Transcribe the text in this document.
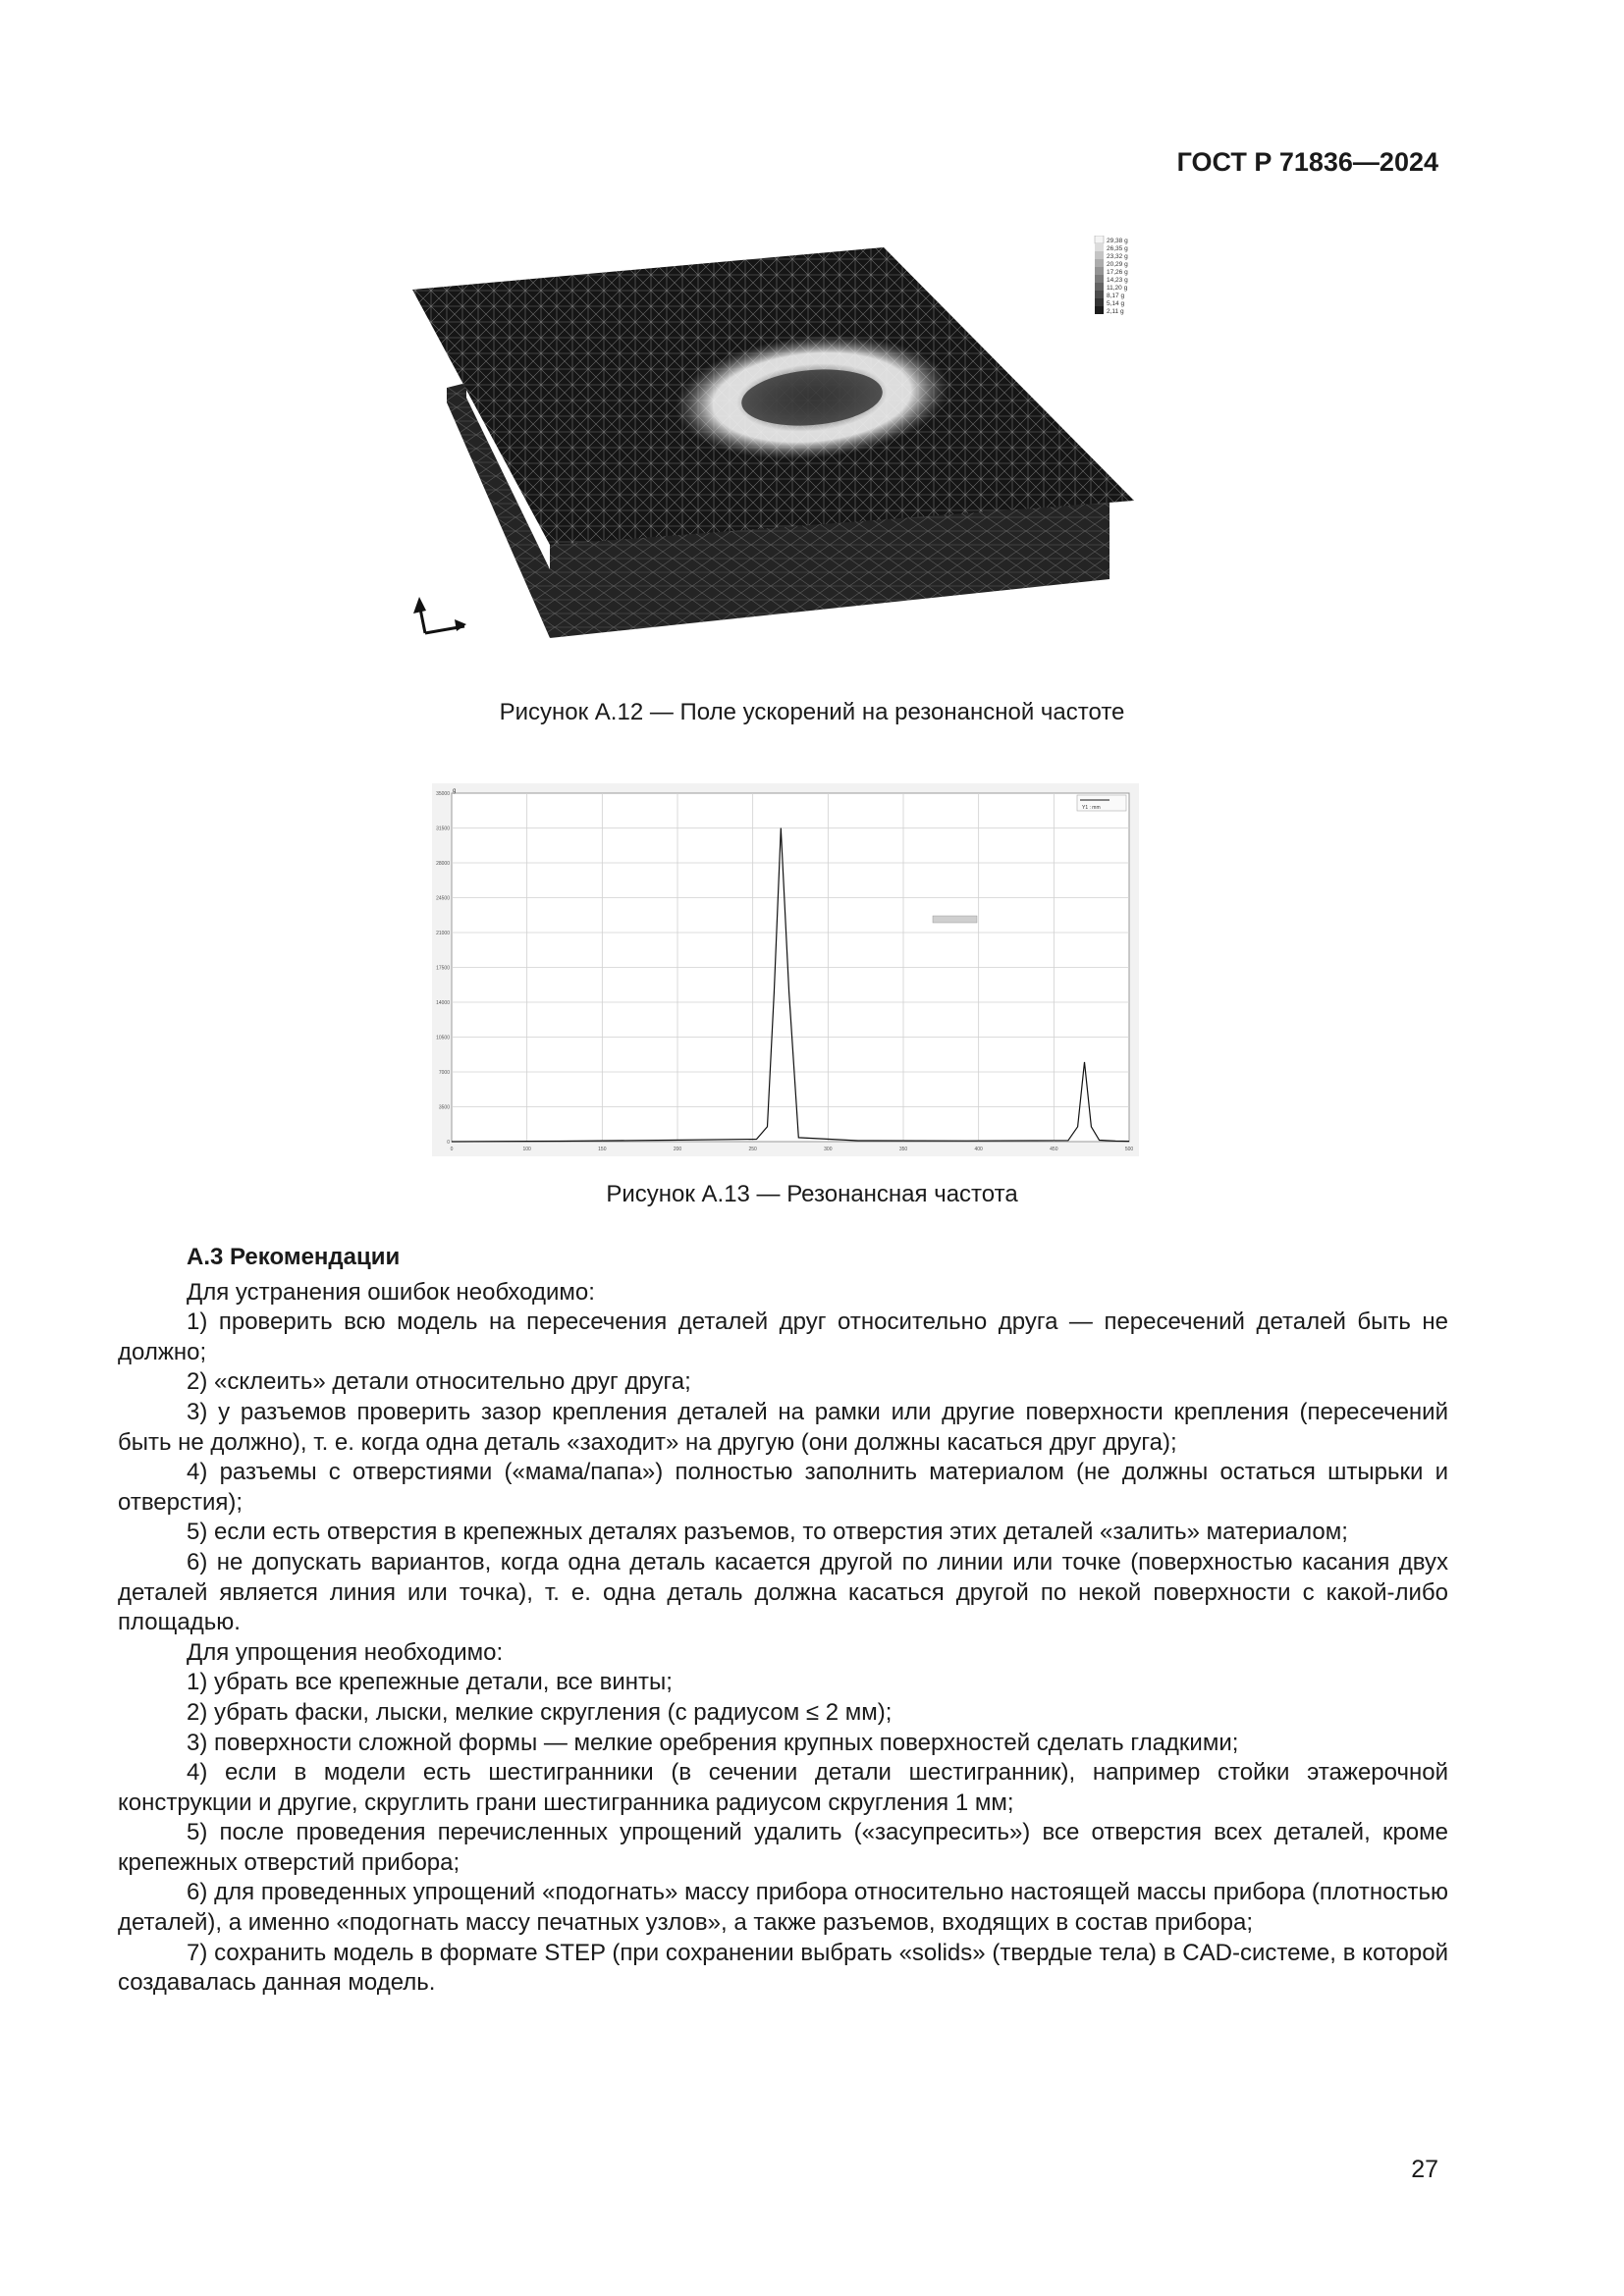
ГОСТ Р 71836—2024
29,38 g
26,35 g
23,32 g
20,29 g
17,26 g
14,23 g
11,20 g
8,17 g
5,14 g
2,11 g
Рисунок А.12 — Поле ускорений на резонансной частоте
0	100	150	200	250	300	350	400	450	500
0
3500
7000
10500
14000
17500
21000
24500
28000
31500
35000 g
Y1 : mm
Рисунок А.13 — Резонансная частота
А.3 Рекомендации

Для устранения ошибок необходимо:

1) проверить всю модель на пересечения деталей друг относительно друга — пересечений деталей быть не должно;

2) «склеить» детали относительно друг друга;

3) у разъемов проверить зазор крепления деталей на рамки или другие поверхности крепления (пересечений быть не должно), т. е. когда одна деталь «заходит» на другую (они должны касаться друг друга);

4) разъемы с отверстиями («мама/папа») полностью заполнить материалом (не должны остаться штырьки и отверстия);

5) если есть отверстия в крепежных деталях разъемов, то отверстия этих деталей «залить» материалом;

6) не допускать вариантов, когда одна деталь касается другой по линии или точке (поверхностью касания двух деталей является линия или точка), т. е. одна деталь должна касаться другой по некой поверхности с какой-либо площадью.

Для упрощения необходимо:

1) убрать все крепежные детали, все винты;

2) убрать фаски, лыски, мелкие скругления (с радиусом ≤ 2 мм);

3) поверхности сложной формы — мелкие оребрения крупных поверхностей сделать гладкими;

4) если в модели есть шестигранники (в сечении детали шестигранник), например стойки этажерочной конструкции и другие, скруглить грани шестигранника радиусом скругления 1 мм;

5) после проведения перечисленных упрощений удалить («засупресить») все отверстия всех деталей, кроме крепежных отверстий прибора;

6) для проведенных упрощений «подогнать» массу прибора относительно настоящей массы прибора (плотностью деталей), а именно «подогнать массу печатных узлов», а также разъемов, входящих в состав прибора;

7) сохранить модель в формате STEP (при сохранении выбрать «solids» (твердые тела) в CAD-системе, в которой создавалась данная модель.

27
